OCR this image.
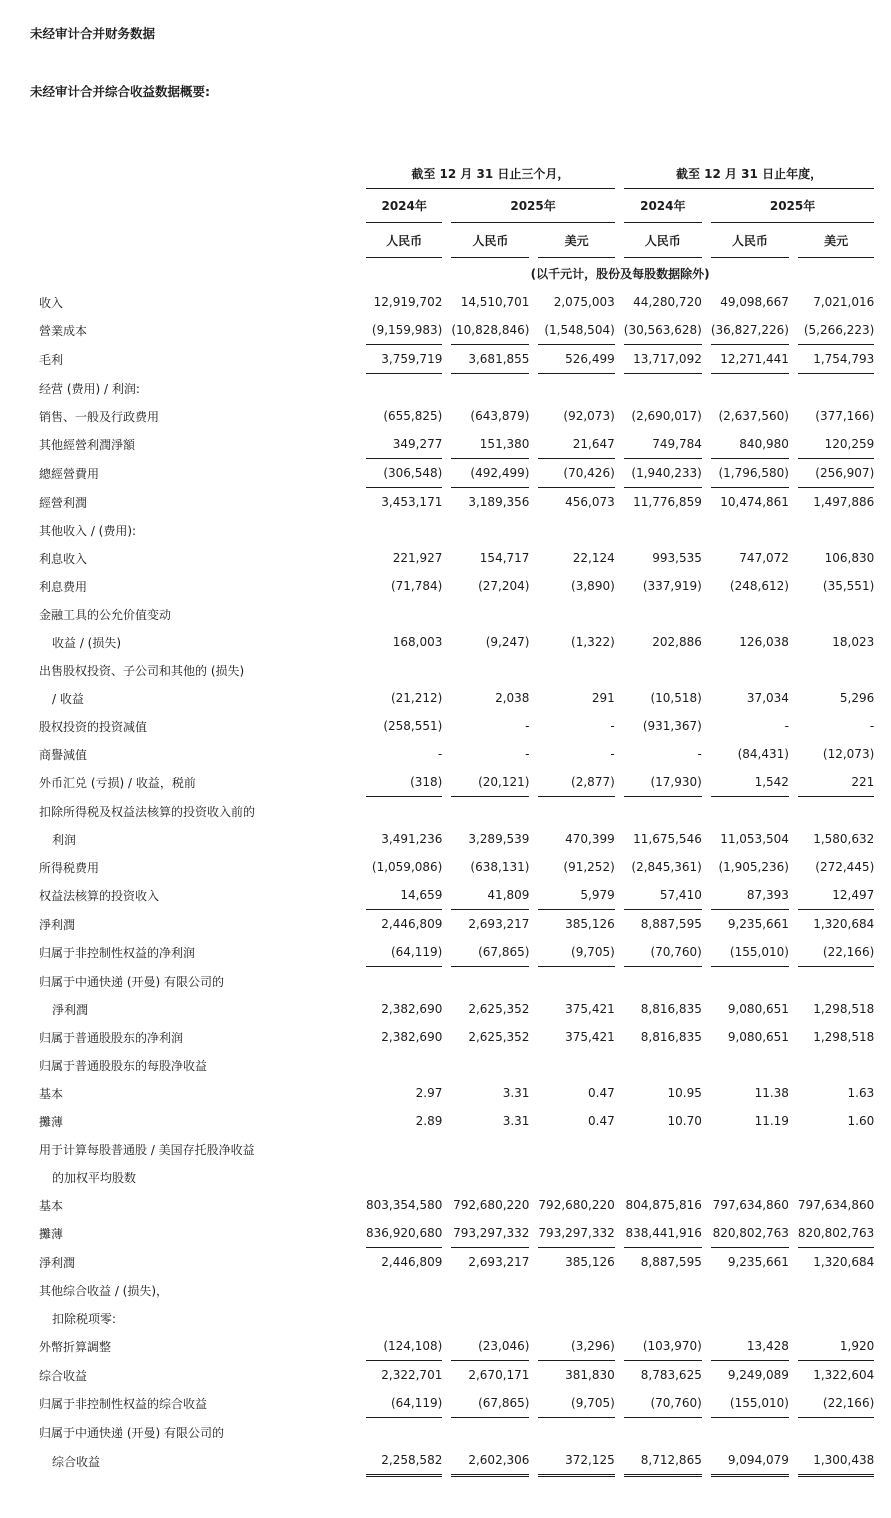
未经审计合并财务数据
未经审计合并综合收益数据概要:
	截至 12 月 31 日止三个月，			截至 12 月 31 日止年度，		
	2024年	2025年		2024年	2025年	
	人民币	人民币	美元	人民币	人民币	美元
	(以千元计，股份及每股数据除外)					
收入	12,919,702	14,510,701	2,075,003	44,280,720	49,098,667	7,021,016
營業成本	(9,159,983)	(10,828,846)	(1,548,504)	(30,563,628)	(36,827,226)	(5,266,223)
毛利	3,759,719	3,681,855	526,499	13,717,092	12,271,441	1,754,793
经营 (费用) / 利润:						
销售、一般及行政费用	(655,825)	(643,879)	(92,073)	(2,690,017)	(2,637,560)	(377,166)
其他經營利潤淨額	349,277	151,380	21,647	749,784	840,980	120,259
總經營費用	(306,548)	(492,499)	(70,426)	(1,940,233)	(1,796,580)	(256,907)
經營利潤	3,453,171	3,189,356	456,073	11,776,859	10,474,861	1,497,886
其他收入 / (费用):						
利息收入	221,927	154,717	22,124	993,535	747,072	106,830
利息费用	(71,784)	(27,204)	(3,890)	(337,919)	(248,612)	(35,551)
金融工具的公允价值变动						
收益 / (损失)	168,003	(9,247)	(1,322)	202,886	126,038	18,023
出售股权投资、子公司和其他的 (损失)						
/ 收益	(21,212)	2,038	291	(10,518)	37,034	5,296
股权投资的投资减值	(258,551)	-	-	(931,367)	-	-
商譽減值	-	-	-	-	(84,431)	(12,073)
外币汇兑 (亏损) / 收益，税前	(318)	(20,121)	(2,877)	(17,930)	1,542	221
扣除所得税及权益法核算的投资收入前的						
利润	3,491,236	3,289,539	470,399	11,675,546	11,053,504	1,580,632
所得税费用	(1,059,086)	(638,131)	(91,252)	(2,845,361)	(1,905,236)	(272,445)
权益法核算的投资收入	14,659	41,809	5,979	57,410	87,393	12,497
淨利潤	2,446,809	2,693,217	385,126	8,887,595	9,235,661	1,320,684
归属于非控制性权益的净利润	(64,119)	(67,865)	(9,705)	(70,760)	(155,010)	(22,166)
归属于中通快递 (开曼) 有限公司的						
淨利潤	2,382,690	2,625,352	375,421	8,816,835	9,080,651	1,298,518
归属于普通股股东的净利润	2,382,690	2,625,352	375,421	8,816,835	9,080,651	1,298,518
归属于普通股股东的每股净收益						
基本	2.97	3.31	0.47	10.95	11.38	1.63
攤薄	2.89	3.31	0.47	10.70	11.19	1.60
用于计算每股普通股 / 美国存托股净收益						
的加权平均股数						
基本	803,354,580	792,680,220	792,680,220	804,875,816	797,634,860	797,634,860
攤薄	836,920,680	793,297,332	793,297,332	838,441,916	820,802,763	820,802,763
淨利潤	2,446,809	2,693,217	385,126	8,887,595	9,235,661	1,320,684
其他综合收益 / (损失)，						
扣除税项零:						
外幣折算調整	(124,108)	(23,046)	(3,296)	(103,970)	13,428	1,920
综合收益	2,322,701	2,670,171	381,830	8,783,625	9,249,089	1,322,604
归属于非控制性权益的综合收益	(64,119)	(67,865)	(9,705)	(70,760)	(155,010)	(22,166)
归属于中通快递 (开曼) 有限公司的						
综合收益	2,258,582	2,602,306	372,125	8,712,865	9,094,079	1,300,438
